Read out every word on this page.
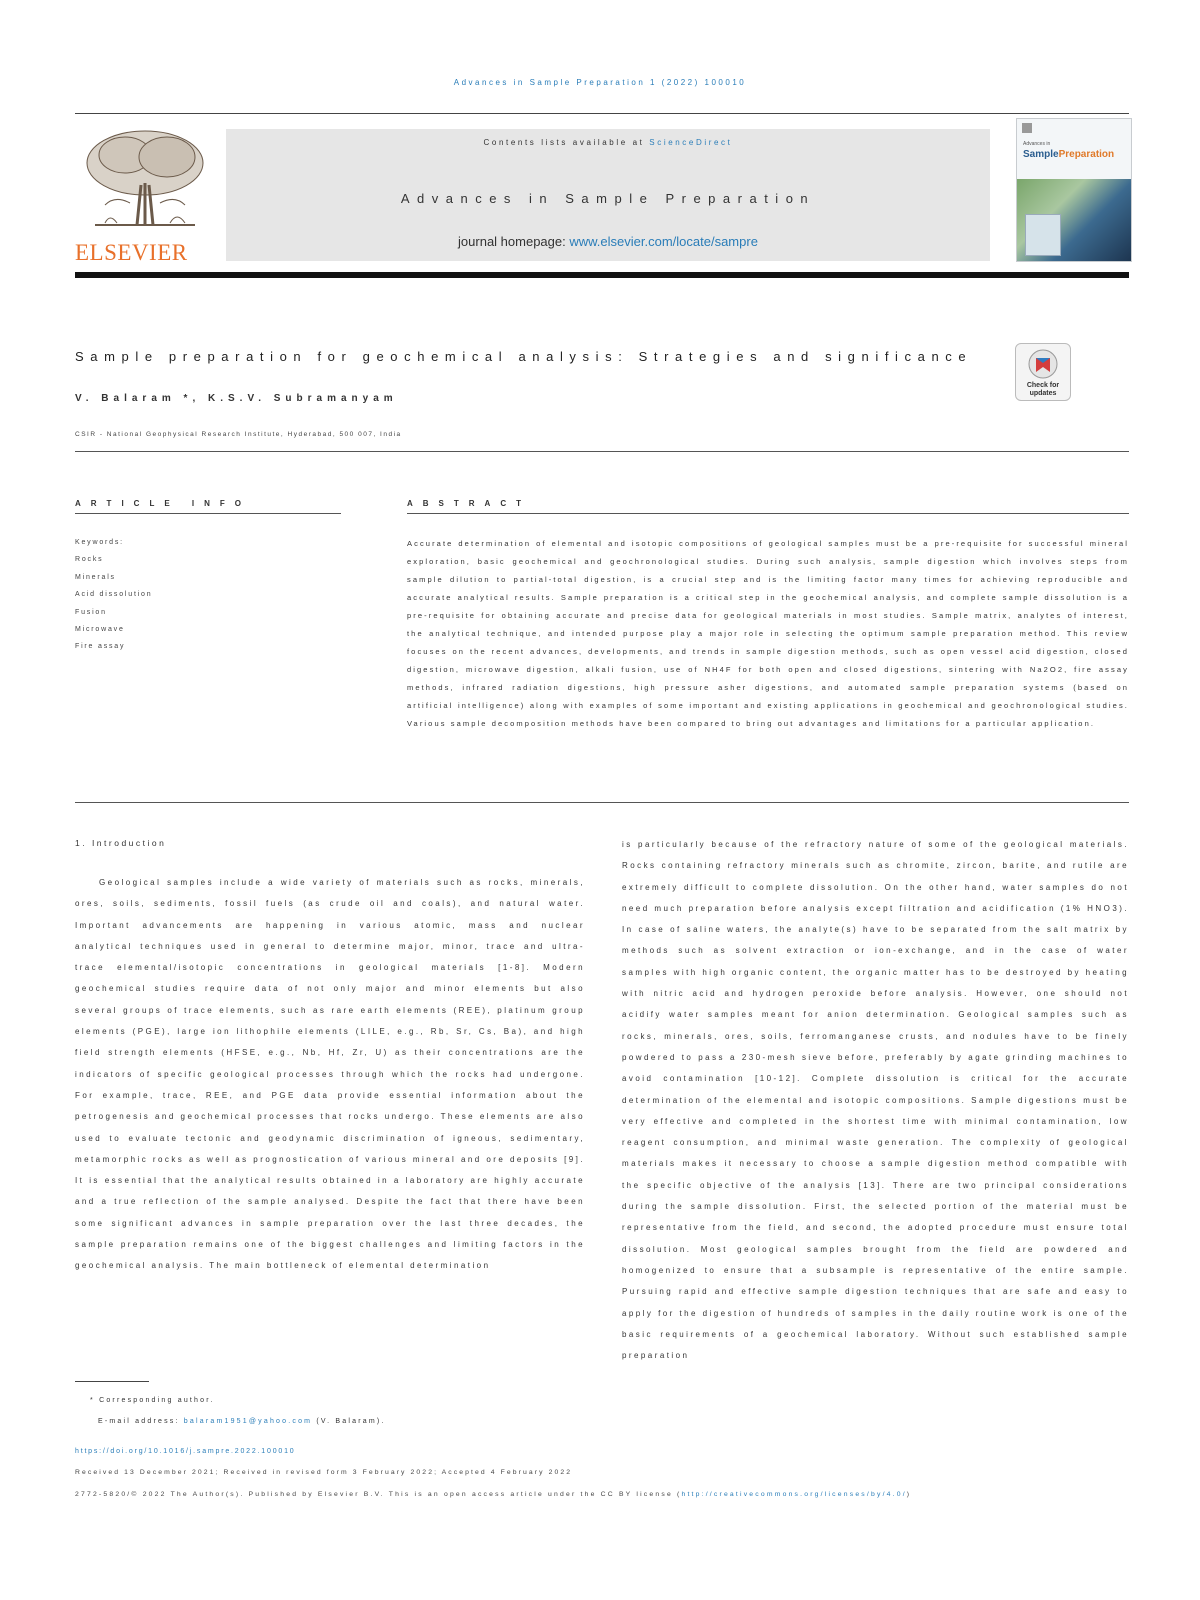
Advances in Sample Preparation 1 (2022) 100010
ELSEVIER
Contents lists available at ScienceDirect
Advances in Sample Preparation
journal homepage: www.elsevier.com/locate/sampre
Advances in
SamplePreparation
Sample preparation for geochemical analysis: Strategies and significance
Check for updates
V. Balaram *, K.S.V. Subramanyam
CSIR - National Geophysical Research Institute, Hyderabad, 500 007, India
ARTICLE INFO	ABSTRACT
Keywords:
Rocks
Minerals
Acid dissolution
Fusion
Microwave
Fire assay
Accurate determination of elemental and isotopic compositions of geological samples must be a pre-requisite for successful mineral exploration, basic geochemical and geochronological studies. During such analysis, sample digestion which involves steps from sample dilution to partial-total digestion, is a crucial step and is the limiting factor many times for achieving reproducible and accurate analytical results. Sample preparation is a critical step in the geochemical analysis, and complete sample dissolution is a pre-requisite for obtaining accurate and precise data for geological materials in most studies. Sample matrix, analytes of interest, the analytical technique, and intended purpose play a major role in selecting the optimum sample preparation method. This review focuses on the recent advances, developments, and trends in sample digestion methods, such as open vessel acid digestion, closed digestion, microwave digestion, alkali fusion, use of NH4F for both open and closed digestions, sintering with Na2O2, fire assay methods, infrared radiation digestions, high pressure asher digestions, and automated sample preparation systems (based on artificial intelligence) along with examples of some important and existing applications in geochemical and geochronological studies. Various sample decomposition methods have been compared to bring out advantages and limitations for a particular application.
1. Introduction
Geological samples include a wide variety of materials such as rocks, minerals, ores, soils, sediments, fossil fuels (as crude oil and coals), and natural water. Important advancements are happening in various atomic, mass and nuclear analytical techniques used in general to determine major, minor, trace and ultra-trace elemental/isotopic concentrations in geological materials [1-8]. Modern geochemical studies require data of not only major and minor elements but also several groups of trace elements, such as rare earth elements (REE), platinum group elements (PGE), large ion lithophile elements (LILE, e.g., Rb, Sr, Cs, Ba), and high field strength elements (HFSE, e.g., Nb, Hf, Zr, U) as their concentrations are the indicators of specific geological processes through which the rocks had undergone. For example, trace, REE, and PGE data provide essential information about the petrogenesis and geochemical processes that rocks undergo. These elements are also used to evaluate tectonic and geodynamic discrimination of igneous, sedimentary, metamorphic rocks as well as prognostication of various mineral and ore deposits [9]. It is essential that the analytical results obtained in a laboratory are highly accurate and a true reflection of the sample analysed. Despite the fact that there have been some significant advances in sample preparation over the last three decades, the sample preparation remains one of the biggest challenges and limiting factors in the geochemical analysis. The main bottleneck of elemental determination
is particularly because of the refractory nature of some of the geological materials. Rocks containing refractory minerals such as chromite, zircon, barite, and rutile are extremely difficult to complete dissolution. On the other hand, water samples do not need much preparation before analysis except filtration and acidification (1% HNO3). In case of saline waters, the analyte(s) have to be separated from the salt matrix by methods such as solvent extraction or ion-exchange, and in the case of water samples with high organic content, the organic matter has to be destroyed by heating with nitric acid and hydrogen peroxide before analysis. However, one should not acidify water samples meant for anion determination. Geological samples such as rocks, minerals, ores, soils, ferromanganese crusts, and nodules have to be finely powdered to pass a 230-mesh sieve before, preferably by agate grinding machines to avoid contamination [10-12]. Complete dissolution is critical for the accurate determination of the elemental and isotopic compositions. Sample digestions must be very effective and completed in the shortest time with minimal contamination, low reagent consumption, and minimal waste generation. The complexity of geological materials makes it necessary to choose a sample digestion method compatible with the specific objective of the analysis [13]. There are two principal considerations during the sample dissolution. First, the selected portion of the material must be representative from the field, and second, the adopted procedure must ensure total dissolution. Most geological samples brought from the field are powdered and homogenized to ensure that a subsample is representative of the entire sample. Pursuing rapid and effective sample digestion techniques that are safe and easy to apply for the digestion of hundreds of samples in the daily routine work is one of the basic requirements of a geochemical laboratory. Without such established sample preparation
* Corresponding author.
E-mail address: balaram1951@yahoo.com (V. Balaram).
https://doi.org/10.1016/j.sampre.2022.100010
Received 13 December 2021; Received in revised form 3 February 2022; Accepted 4 February 2022
2772-5820/© 2022 The Author(s). Published by Elsevier B.V. This is an open access article under the CC BY license (http://creativecommons.org/licenses/by/4.0/)
